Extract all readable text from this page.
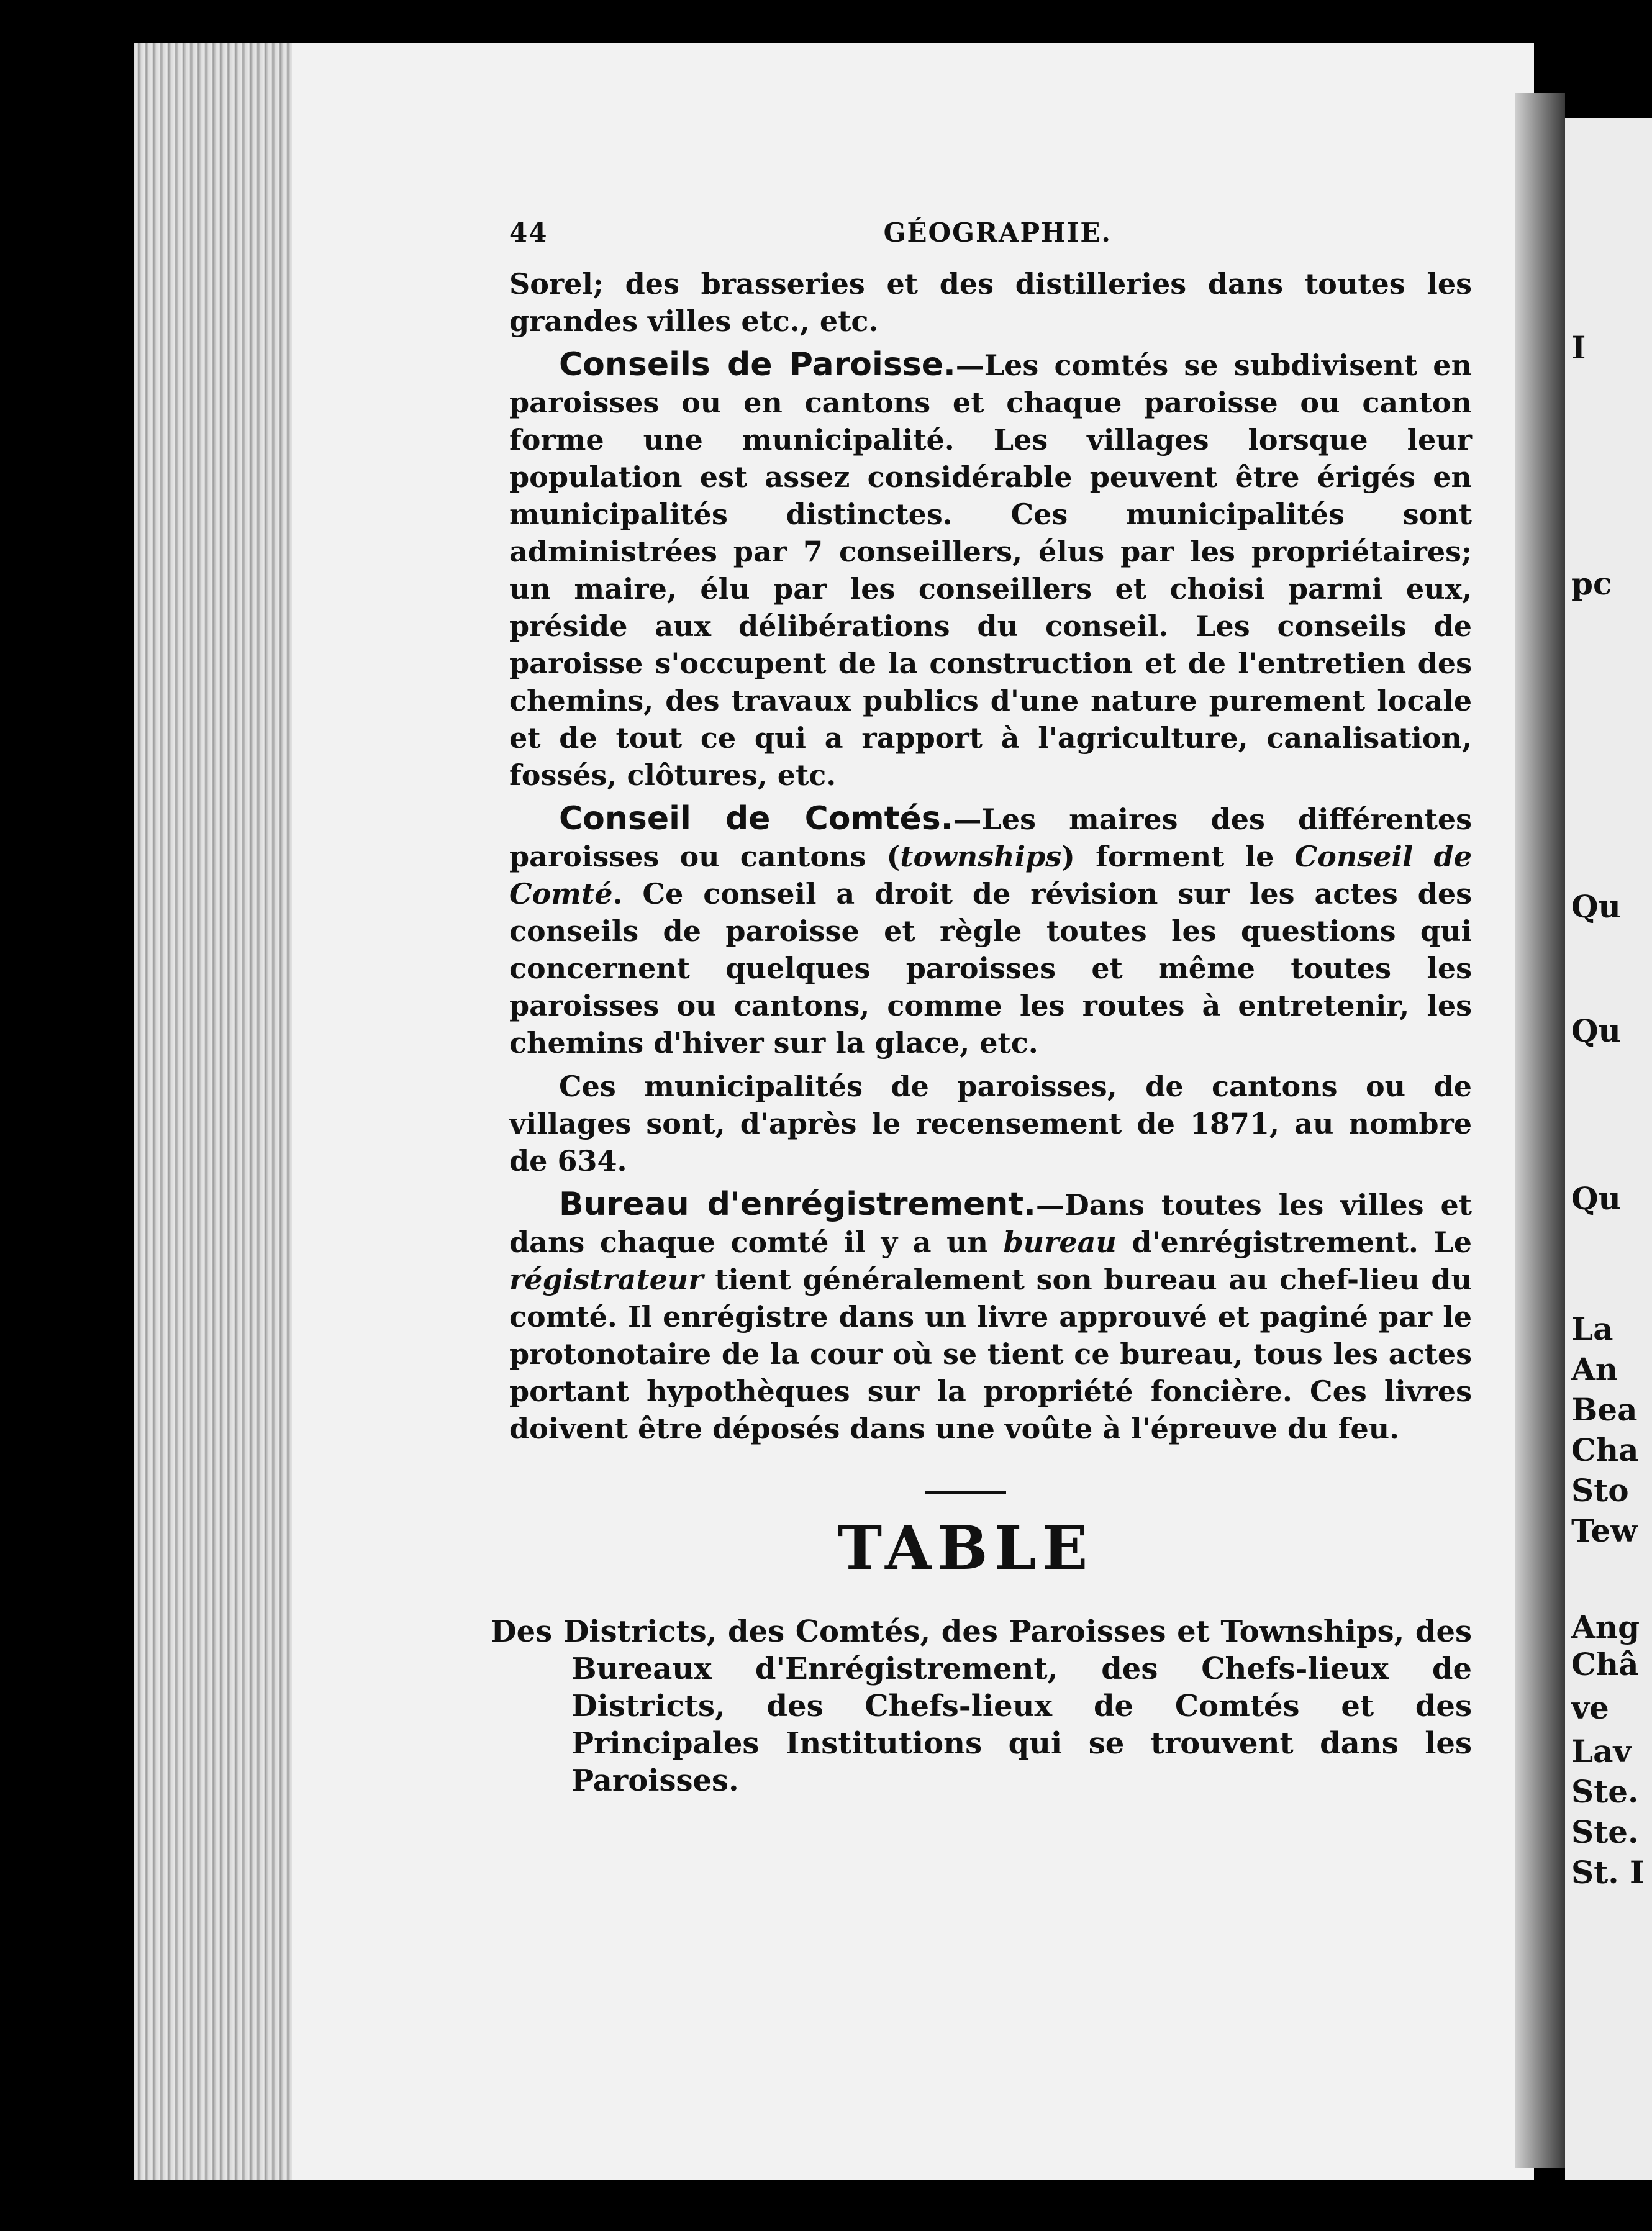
I
pc
Qu
Qu
Qu
La
An
Bea
Cha
Sto
Tew
Ang
Châ
ve
Lav
Ste.
Ste.
St. I
44	GÉOGRAPHIE.

Sorel; des brasseries et des distilleries dans toutes les grandes villes etc., etc.

Conseils de Paroisse.—Les comtés se subdivisent en paroisses ou en cantons et chaque paroisse ou canton forme une municipalité. Les villages lorsque leur population est assez considérable peuvent être érigés en municipalités distinctes. Ces municipalités sont administrées par 7 conseillers, élus par les propriétaires; un maire, élu par les conseillers et choisi parmi eux, préside aux délibérations du conseil. Les conseils de paroisse s'occupent de la construction et de l'entretien des chemins, des travaux publics d'une nature purement locale et de tout ce qui a rapport à l'agriculture, canalisation, fossés, clôtures, etc.

Conseil de Comtés.—Les maires des différentes paroisses ou cantons (townships) forment le Conseil de Comté. Ce conseil a droit de révision sur les actes des conseils de paroisse et règle toutes les questions qui concernent quelques paroisses et même toutes les paroisses ou cantons, comme les routes à entretenir, les chemins d'hiver sur la glace, etc.

Ces municipalités de paroisses, de cantons ou de villages sont, d'après le recensement de 1871, au nombre de 634.

Bureau d'enrégistrement.—Dans toutes les villes et dans chaque comté il y a un bureau d'enrégistrement. Le régistrateur tient généralement son bureau au chef-lieu du comté. Il enrégistre dans un livre approuvé et paginé par le protonotaire de la cour où se tient ce bureau, tous les actes portant hypothèques sur la propriété foncière. Ces livres doivent être déposés dans une voûte à l'épreuve du feu.

TABLE

Des Districts, des Comtés, des Paroisses et Townships, des Bureaux d'Enrégistrement, des Chefs-lieux de Districts, des Chefs-lieux de Comtés et des Principales Institutions qui se trouvent dans les Paroisses.
